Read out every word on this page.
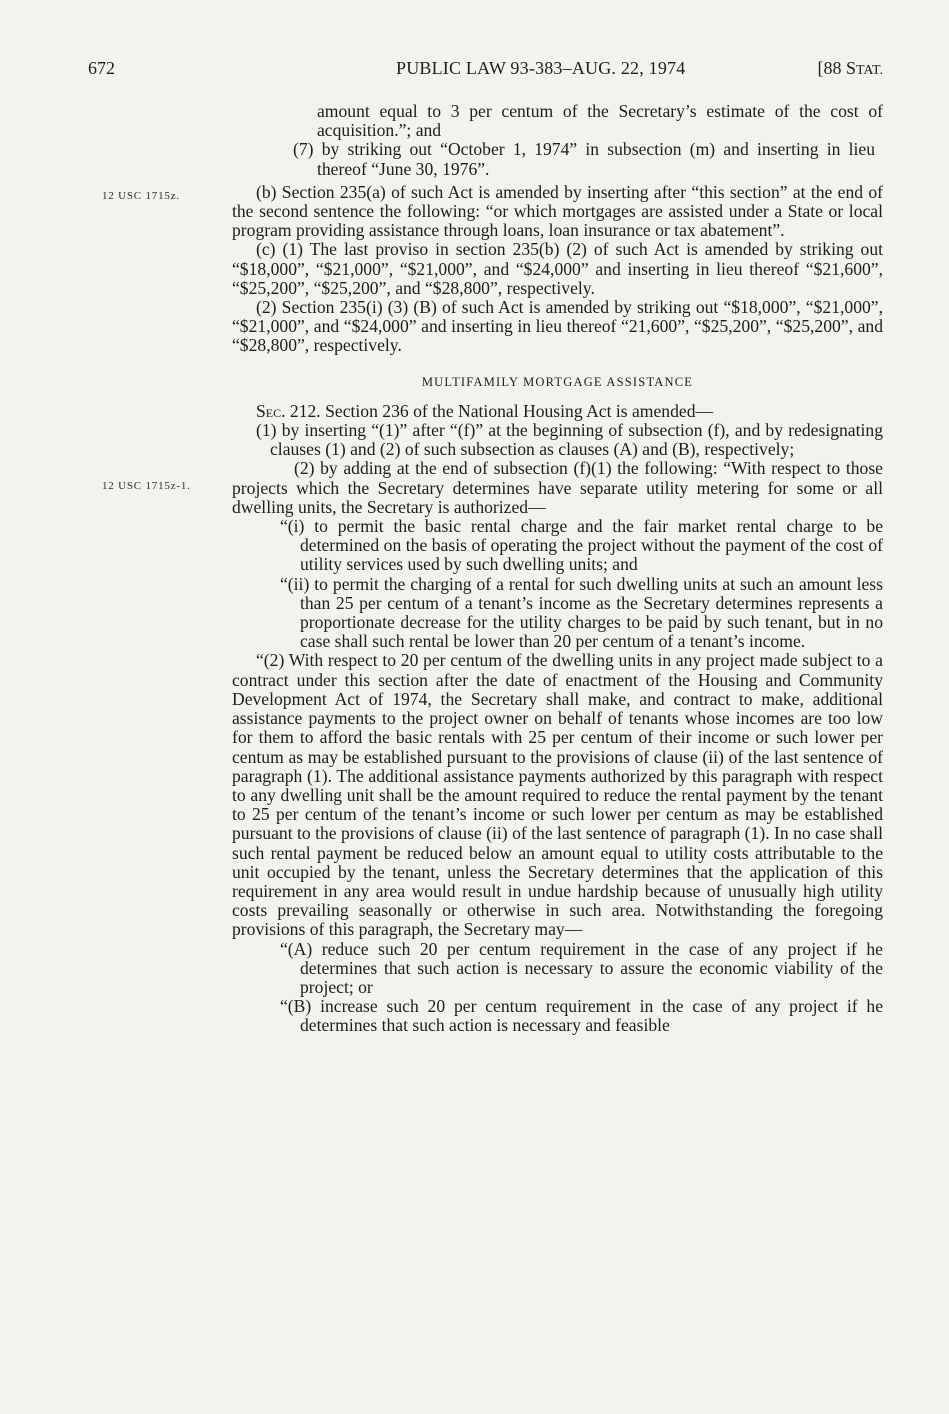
672	PUBLIC LAW 93-383–AUG. 22, 1974	[88 STAT.
12 USC 1715z.
12 USC 1715z-1.

amount equal to 3 per centum of the Secretary’s estimate of the cost of acquisition.”; and

(7) by striking out “October 1, 1974” in subsection (m) and inserting in lieu thereof “June 30, 1976”.

(b) Section 235(a) of such Act is amended by inserting after “this section” at the end of the second sentence the following: “or which mortgages are assisted under a State or local program providing assistance through loans, loan insurance or tax abatement”.

(c) (1) The last proviso in section 235(b) (2) of such Act is amended by striking out “$18,000”, “$21,000”, “$21,000”, and “$24,000” and inserting in lieu thereof “$21,600”, “$25,200”, “$25,200”, and “$28,800”, respectively.

(2) Section 235(i) (3) (B) of such Act is amended by striking out “$18,000”, “$21,000”, “$21,000”, and “$24,000” and inserting in lieu thereof “21,600”, “$25,200”, “$25,200”, and “$28,800”, respectively.

MULTIFAMILY MORTGAGE ASSISTANCE

Sec. 212. Section 236 of the National Housing Act is amended—

(1) by inserting “(1)” after “(f)” at the beginning of subsection (f), and by redesignating clauses (1) and (2) of such subsection as clauses (A) and (B), respectively;

(2) by adding at the end of subsection (f)(1) the following: “With respect to those projects which the Secretary determines have separate utility metering for some or all dwelling units, the Secretary is authorized—

“(i) to permit the basic rental charge and the fair market rental charge to be determined on the basis of operating the project without the payment of the cost of utility services used by such dwelling units; and

“(ii) to permit the charging of a rental for such dwelling units at such an amount less than 25 per centum of a tenant’s income as the Secretary determines represents a proportionate decrease for the utility charges to be paid by such tenant, but in no case shall such rental be lower than 20 per centum of a tenant’s income.

“(2) With respect to 20 per centum of the dwelling units in any project made subject to a contract under this section after the date of enactment of the Housing and Community Development Act of 1974, the Secretary shall make, and contract to make, additional assistance payments to the project owner on behalf of tenants whose incomes are too low for them to afford the basic rentals with 25 per centum of their income or such lower per centum as may be established pursuant to the provisions of clause (ii) of the last sentence of paragraph (1). The additional assistance payments authorized by this paragraph with respect to any dwelling unit shall be the amount required to reduce the rental payment by the tenant to 25 per centum of the tenant’s income or such lower per centum as may be established pursuant to the provisions of clause (ii) of the last sentence of paragraph (1). In no case shall such rental payment be reduced below an amount equal to utility costs attributable to the unit occupied by the tenant, unless the Secretary determines that the application of this requirement in any area would result in undue hardship because of unusually high utility costs prevailing seasonally or otherwise in such area. Notwithstanding the foregoing provisions of this paragraph, the Secretary may—

“(A) reduce such 20 per centum requirement in the case of any project if he determines that such action is necessary to assure the economic viability of the project; or

“(B) increase such 20 per centum requirement in the case of any project if he determines that such action is necessary and feasible
